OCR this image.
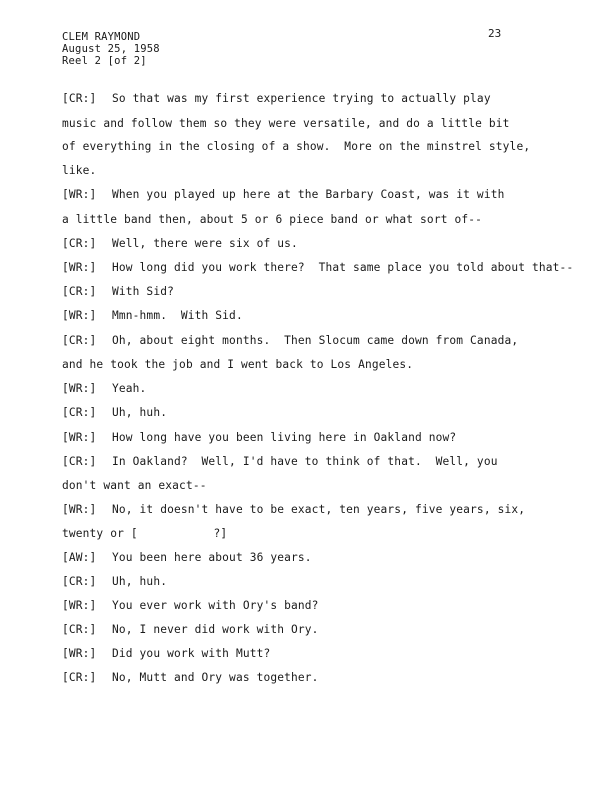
CLEM RAYMOND
August 25, 1958
Reel 2 [of 2]
23
[CR:] So that was my first experience trying to actually play
music and follow them so they were versatile, and do a little bit
of everything in the closing of a show.  More on the minstrel style,
like.
[WR:] When you played up here at the Barbary Coast, was it with
a little band then, about 5 or 6 piece band or what sort of--
[CR:] Well, there were six of us.
[WR:] How long did you work there?  That same place you told about that--
[CR:] With Sid?
[WR:] Mmn-hmm.  With Sid.
[CR:] Oh, about eight months.  Then Slocum came down from Canada,
and he took the job and I went back to Los Angeles.
[WR:] Yeah.
[CR:] Uh, huh.
[WR:] How long have you been living here in Oakland now?
[CR:] In Oakland?  Well, I'd have to think of that.  Well, you
don't want an exact--
[WR:] No, it doesn't have to be exact, ten years, five years, six,
twenty or [           ?]
[AW:] You been here about 36 years.
[CR:] Uh, huh.
[WR:] You ever work with Ory's band?
[CR:] No, I never did work with Ory.
[WR:] Did you work with Mutt?
[CR:] No, Mutt and Ory was together.
